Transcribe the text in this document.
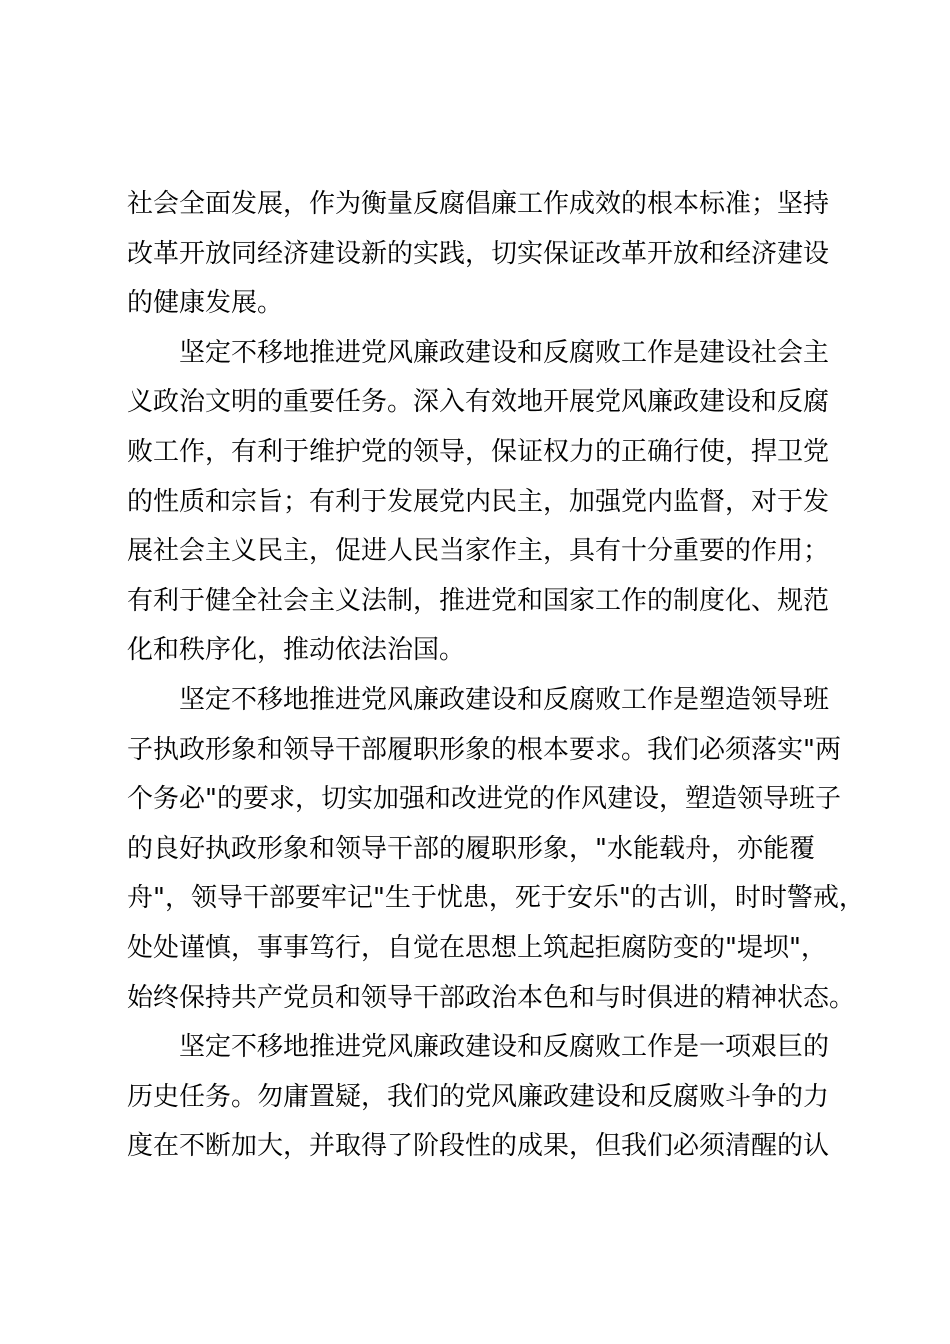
社会全面发展，作为衡量反腐倡廉工作成效的根本标准；坚持
改革开放同经济建设新的实践，切实保证改革开放和经济建设
的健康发展。
坚定不移地推进党风廉政建设和反腐败工作是建设社会主
义政治文明的重要任务。深入有效地开展党风廉政建设和反腐
败工作，有利于维护党的领导，保证权力的正确行使，捍卫党
的性质和宗旨；有利于发展党内民主，加强党内监督，对于发
展社会主义民主，促进人民当家作主，具有十分重要的作用；
有利于健全社会主义法制，推进党和国家工作的制度化、规范
化和秩序化，推动依法治国。
坚定不移地推进党风廉政建设和反腐败工作是塑造领导班
子执政形象和领导干部履职形象的根本要求。我们必须落实"两
个务必"的要求，切实加强和改进党的作风建设，塑造领导班子
的良好执政形象和领导干部的履职形象，"水能载舟，亦能覆
舟"，领导干部要牢记"生于忧患，死于安乐"的古训，时时警戒，
处处谨慎，事事笃行，自觉在思想上筑起拒腐防变的"堤坝"，
始终保持共产党员和领导干部政治本色和与时俱进的精神状态。
坚定不移地推进党风廉政建设和反腐败工作是一项艰巨的
历史任务。勿庸置疑，我们的党风廉政建设和反腐败斗争的力
度在不断加大，并取得了阶段性的成果，但我们必须清醒的认
